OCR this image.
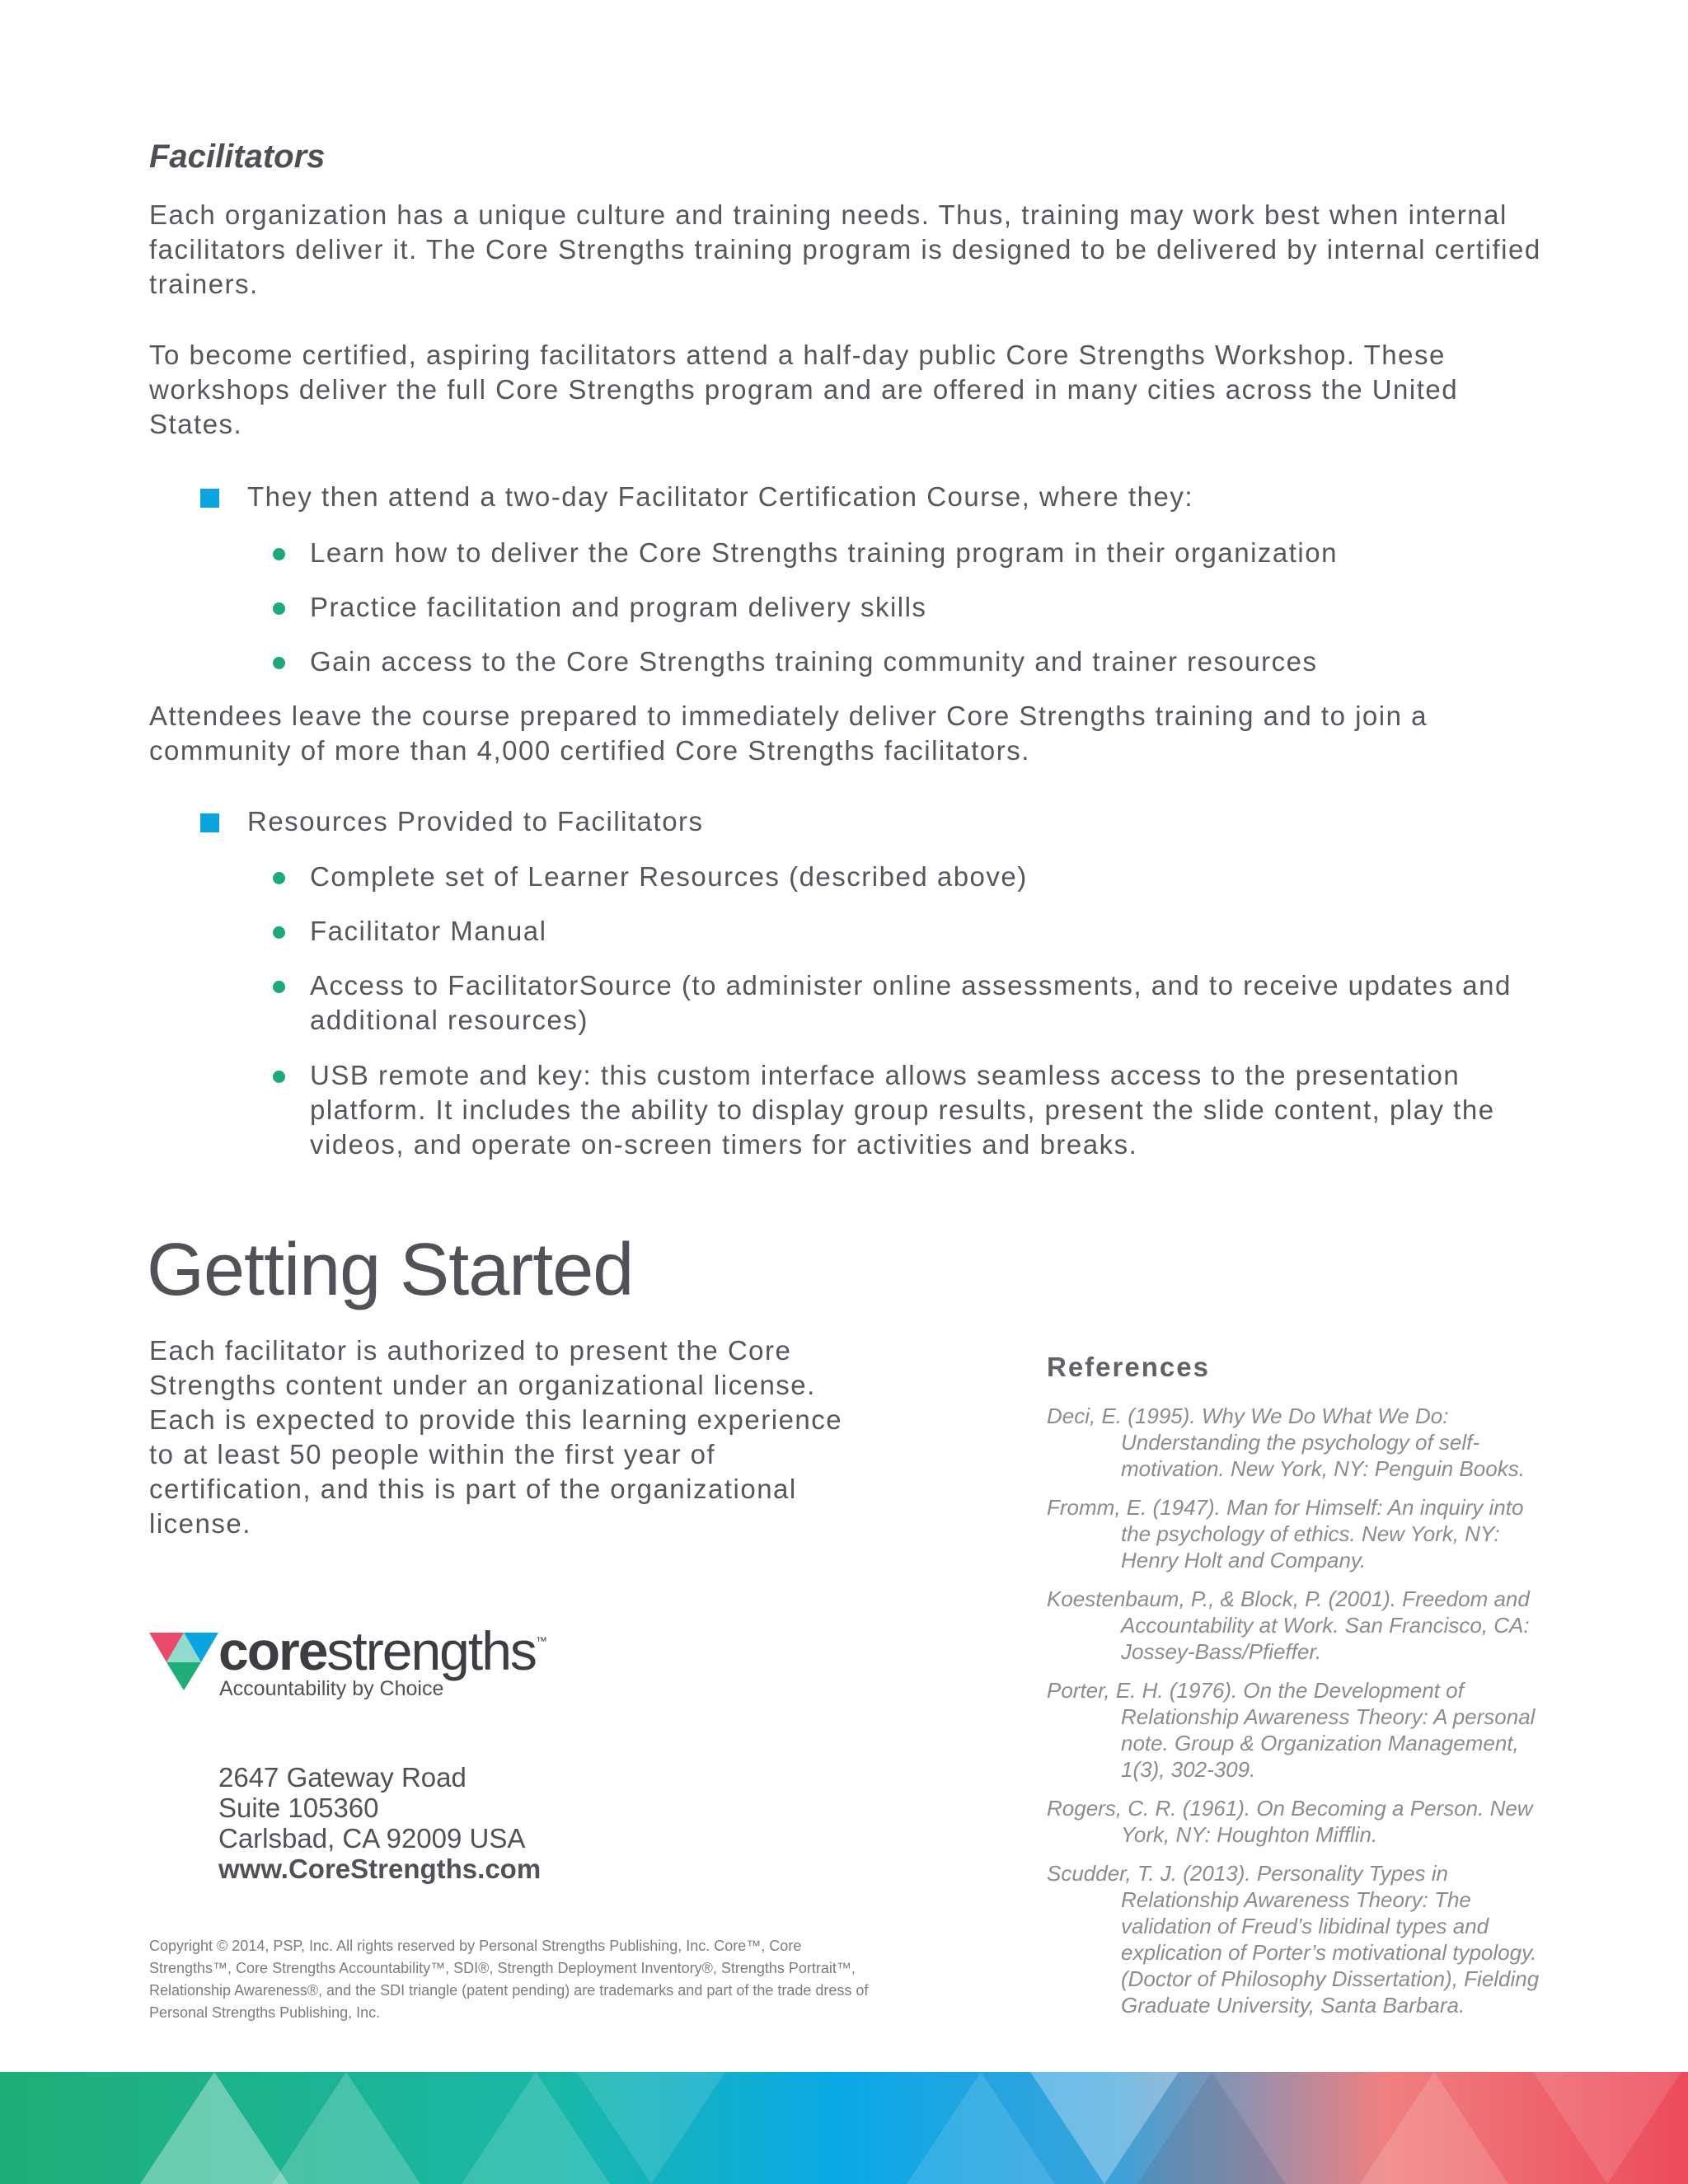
Facilitators

Each organization has a unique culture and training needs. Thus, training may work best when internal facilitators deliver it. The Core Strengths training program is designed to be delivered by internal certified trainers.

To become certified, aspiring facilitators attend a half-day public Core Strengths Workshop. These workshops deliver the full Core Strengths program and are offered in many cities across the United States.

They then attend a two-day Facilitator Certification Course, where they:

Learn how to deliver the Core Strengths training program in their organization

Practice facilitation and program delivery skills

Gain access to the Core Strengths training community and trainer resources

Attendees leave the course prepared to immediately deliver Core Strengths training and to join a community of more than 4,000 certified Core Strengths facilitators.

Resources Provided to Facilitators

Complete set of Learner Resources (described above)

Facilitator Manual

Access to FacilitatorSource (to administer online assessments, and to receive updates and additional resources)

USB remote and key: this custom interface allows seamless access to the presentation platform. It includes the ability to display group results, present the slide content, play the videos, and operate on-screen timers for activities and breaks.

Getting Started

Each facilitator is authorized to present the Core Strengths content under an organizational license. Each is expected to provide this learning experience to at least 50 people within the first year of certification, and this is part of the organizational license.

References
Deci, E. (1995). Why We Do What We Do: Understanding the psychology of self-motivation. New York, NY: Penguin Books.
Fromm, E. (1947). Man for Himself: An inquiry into the psychology of ethics. New York, NY: Henry Holt and Company.
Koestenbaum, P., & Block, P. (2001). Freedom and Accountability at Work. San Francisco, CA: Jossey-Bass/Pfieffer.
Porter, E. H. (1976). On the Development of Relationship Awareness Theory: A personal note. Group & Organization Management, 1(3), 302-309.
Rogers, C. R. (1961). On Becoming a Person. New York, NY: Houghton Mifflin.
Scudder, T. J. (2013). Personality Types in Relationship Awareness Theory: The validation of Freud’s libidinal types and explication of Porter’s motivational typology. (Doctor of Philosophy Dissertation), Fielding Graduate University, Santa Barbara.
corestrengths™
Accountability by Choice
2647 Gateway Road
Suite 105360
Carlsbad, CA 92009 USA
www.CoreStrengths.com

Copyright © 2014, PSP, Inc. All rights reserved by Personal Strengths Publishing, Inc. Core™, Core Strengths™, Core Strengths Accountability™, SDI®, Strength Deployment Inventory®, Strengths Portrait™, Relationship Awareness®, and the SDI triangle (patent pending) are trademarks and part of the trade dress of Personal Strengths Publishing, Inc.
